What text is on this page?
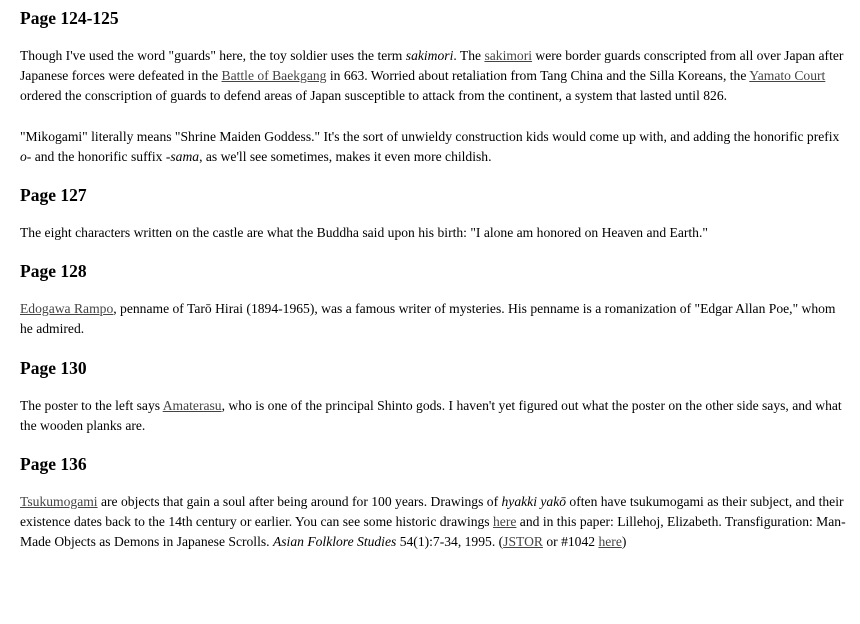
Page 124-125

Though I've used the word "guards" here, the toy soldier uses the term sakimori. The sakimori were border guards conscripted from all over Japan after Japanese forces were defeated in the Battle of Baekgang in 663. Worried about retaliation from Tang China and the Silla Koreans, the Yamato Court ordered the conscription of guards to defend areas of Japan susceptible to attack from the continent, a system that lasted until 826.

"Mikogami" literally means "Shrine Maiden Goddess." It's the sort of unwieldy construction kids would come up with, and adding the honorific prefix o- and the honorific suffix -sama, as we'll see sometimes, makes it even more childish.

Page 127

The eight characters written on the castle are what the Buddha said upon his birth: "I alone am honored on Heaven and Earth."

Page 128

Edogawa Rampo, penname of Tarō Hirai (1894-1965), was a famous writer of mysteries. His penname is a romanization of "Edgar Allan Poe," whom he admired.

Page 130

The poster to the left says Amaterasu, who is one of the principal Shinto gods. I haven't yet figured out what the poster on the other side says, and what the wooden planks are.

Page 136

Tsukumogami are objects that gain a soul after being around for 100 years. Drawings of hyakki yakō often have tsukumogami as their subject, and their existence dates back to the 14th century or earlier. You can see some historic drawings here and in this paper: Lillehoj, Elizabeth. Transfiguration: Man-Made Objects as Demons in Japanese Scrolls. Asian Folklore Studies 54(1):7-34, 1995. (JSTOR or #1042 here)
